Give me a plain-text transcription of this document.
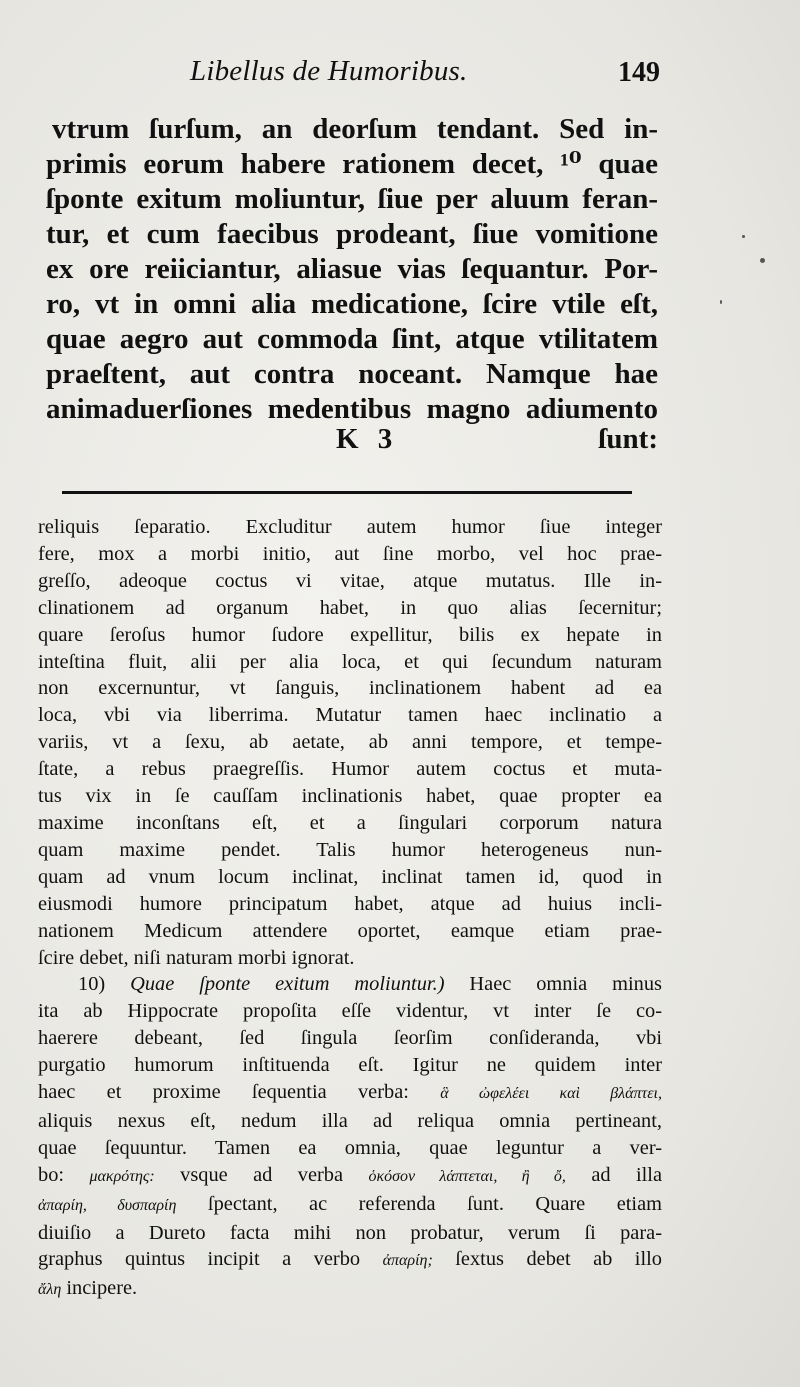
Libellus de Humoribus.	149
vtrum ſurſum, an deorſum tendant. Sed in-
primis eorum habere rationem decet, ¹⁰ quae
ſponte exitum moliuntur, ſiue per aluum feran-
tur, et cum faecibus prodeant, ſiue vomitione
ex ore reiiciantur, aliasue vias ſequantur. Por-
ro, vt in omni alia medicatione, ſcire vtile eſt,
quae aegro aut commoda ſint, atque vtilitatem
praeſtent, aut contra noceant. Namque hae
animaduerſiones medentibus magno adiumento
K 3	ſunt:
reliquis ſeparatio. Excluditur autem humor ſiue integer
fere, mox a morbi initio, aut ſine morbo, vel hoc prae-
greſſo, adeoque coctus vi vitae, atque mutatus. Ille in-
clinationem ad organum habet, in quo alias ſecernitur;
quare ſeroſus humor ſudore expellitur, bilis ex hepate in
inteſtina fluit, alii per alia loca, et qui ſecundum naturam
non excernuntur, vt ſanguis, inclinationem habent ad ea
loca, vbi via liberrima. Mutatur tamen haec inclinatio a
variis, vt a ſexu, ab aetate, ab anni tempore, et tempe-
ſtate, a rebus praegreſſis. Humor autem coctus et muta-
tus vix in ſe cauſſam inclinationis habet, quae propter ea
maxime inconſtans eſt, et a ſingulari corporum natura
quam maxime pendet. Talis humor heterogeneus nun-
quam ad vnum locum inclinat, inclinat tamen id, quod in
eiusmodi humore principatum habet, atque ad huius incli-
nationem Medicum attendere oportet, eamque etiam prae-
ſcire debet, niſi naturam morbi ignorat.
10) Quae ſponte exitum moliuntur.) Haec omnia minus
ita ab Hippocrate propoſita eſſe videntur, vt inter ſe co-
haerere debeant, ſed ſingula ſeorſim conſideranda, vbi
purgatio humorum inſtituenda eſt. Igitur ne quidem inter
haec et proxime ſequentia verba: ἃ ὠφελέει καὶ βλάπτει,
aliquis nexus eſt, nedum illa ad reliqua omnia pertineant,
quae ſequuntur. Tamen ea omnia, quae leguntur a ver-
bo: μακρότης: vsque ad verba ὁκόσον λάπτεται, ἢ ὄ, ad illa
ἀπαρίη, δυσπαρίη ſpectant, ac referenda ſunt. Quare etiam
diuiſio a Dureto facta mihi non probatur, verum ſi para-
graphus quintus incipit a verbo ἀπαρίη; ſextus debet ab illo
ἄλη incipere.
